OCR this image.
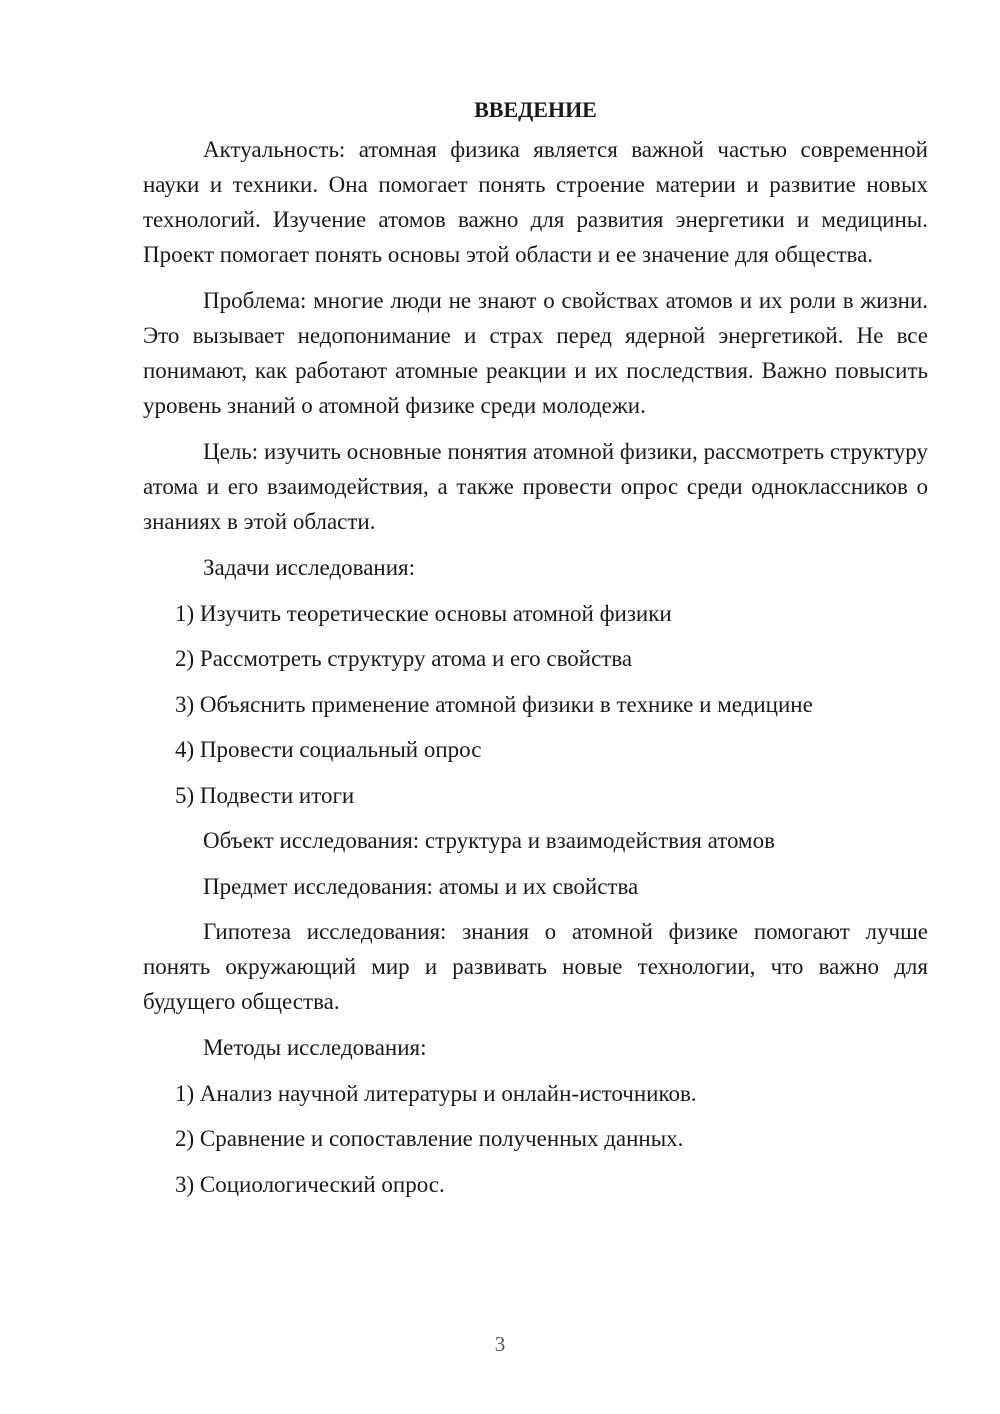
ВВЕДЕНИЕ

Актуальность: атомная физика является важной частью современной науки и техники. Она помогает понять строение материи и развитие новых технологий. Изучение атомов важно для развития энергетики и медицины. Проект помогает понять основы этой области и ее значение для общества.

Проблема: многие люди не знают о свойствах атомов и их роли в жизни. Это вызывает недопонимание и страх перед ядерной энергетикой. Не все понимают, как работают атомные реакции и их последствия. Важно повысить уровень знаний о атомной физике среди молодежи.

Цель: изучить основные понятия атомной физики, рассмотреть структуру атома и его взаимодействия, а также провести опрос среди одноклассников о знаниях в этой области.

Задачи исследования:
1) Изучить теоретические основы атомной физики
2) Рассмотреть структуру атома и его свойства
3) Объяснить применение атомной физики в технике и медицине
4) Провести социальный опрос
5) Подвести итоги
Объект исследования: структура и взаимодействия атомов
Предмет исследования: атомы и их свойства

Гипотеза исследования: знания о атомной физике помогают лучше понять окружающий мир и развивать новые технологии, что важно для будущего общества.

Методы исследования:
1) Анализ научной литературы и онлайн-источников.
2) Сравнение и сопоставление полученных данных.
3) Социологический опрос.
3
